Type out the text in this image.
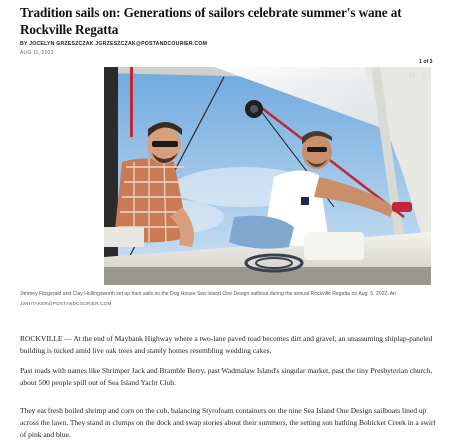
Tradition sails on: Generations of sailors celebrate summer's wane at Rockville Regatta
BY JOCELYN GRZESZCZAK JGRZESZCZAK@POSTANDCOURIER.COM
AUG 11, 2022
1 of 3
‹ ›
Jimmey Fitzgerald and Clay Hollingsworth set up their sails on the Dog House Sea Island One Design sailboat during the annual Rockville Regatta on Aug. 5, 2022. An
JWHITAKER@POSTANDCOURIER.COM

ROCKVILLE — At the end of Maybank Highway where a two-lane paved road becomes dirt and gravel, an unassuming shiplap-paneled building is tucked amid live oak trees and stately homes resembling wedding cakes.

Past roads with names like Shrimper Jack and Bramble Berry, past Wadmalaw Island's singular market, past the tiny Presbyterian church, about 500 people spill out of Sea Island Yacht Club.

They eat fresh boiled shrimp and corn on the cob, balancing Styrofoam containers on the nine Sea Island One Design sailboats lined up across the lawn. They stand in clumps on the dock and swap stories about their summers, the setting sun bathing Bohicket Creek in a swirl of pink and blue.
